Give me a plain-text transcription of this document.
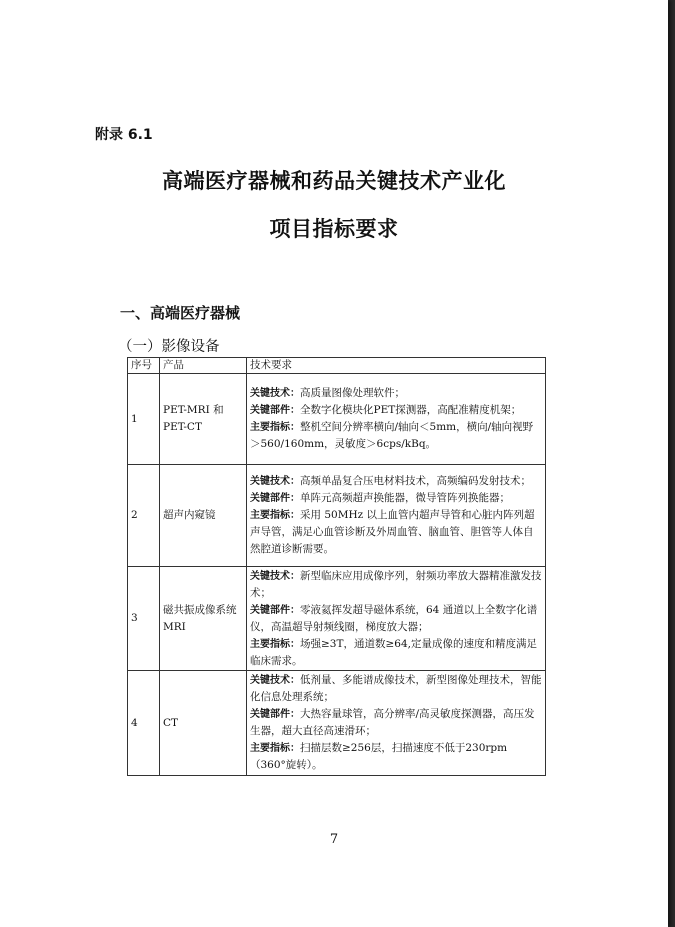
附录 6.1
高端医疗器械和药品关键技术产业化
项目指标要求
一、高端医疗器械
（一）影像设备
序号	产品	技术要求
1	PET-MRI 和 PET-CT	关键技术：高质量图像处理软件；
关键部件：全数字化模块化PET探测器，高配准精度机架；
主要指标：整机空间分辨率横向/轴向＜5mm，横向/轴向视野＞560/160mm，灵敏度＞6cps/kBq。

2	超声内窥镜	关键技术：高频单晶复合压电材料技术，高频编码发射技术；
关键部件：单阵元高频超声换能器，微导管阵列换能器；
主要指标：采用 50MHz 以上血管内超声导管和心脏内阵列超声导管，满足心血管诊断及外周血管、脑血管、胆管等人体自然腔道诊断需要。

3	磁共振成像系统 MRI	关键技术：新型临床应用成像序列，射频功率放大器精准激发技术；
关键部件：零液氦挥发超导磁体系统，64 通道以上全数字化谱仪，高温超导射频线圈，梯度放大器；
主要指标：场强≥3T，通道数≥64,定量成像的速度和精度满足临床需求。

4	CT	关键技术：低剂量、多能谱成像技术，新型图像处理技术，智能化信息处理系统；
关键部件：大热容量球管，高分辨率/高灵敏度探测器，高压发生器，超大直径高速滑环；
主要指标：扫描层数≥256层，扫描速度不低于230rpm（360°旋转）。
7
